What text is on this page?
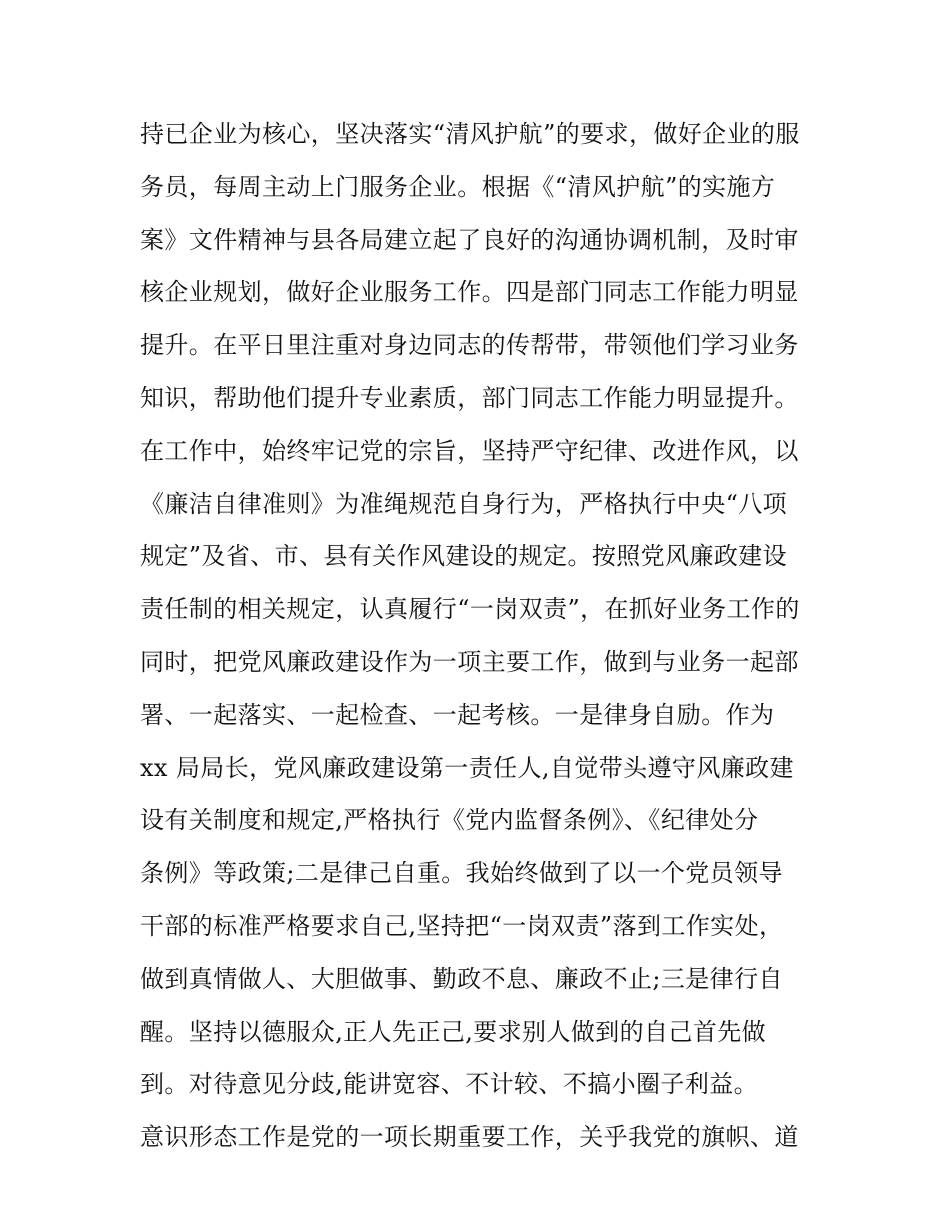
持已企业为核心，坚决落实“清风护航”的要求，做好企业的服
务员，每周主动上门服务企业。根据《“清风护航”的实施方
案》文件精神与县各局建立起了良好的沟通协调机制，及时审
核企业规划，做好企业服务工作。四是部门同志工作能力明显
提升。在平日里注重对身边同志的传帮带，带领他们学习业务
知识，帮助他们提升专业素质，部门同志工作能力明显提升。
在工作中，始终牢记党的宗旨，坚持严守纪律、改进作风，以
《廉洁自律准则》为准绳规范自身行为，严格执行中央“八项
规定”及省、市、县有关作风建设的规定。按照党风廉政建设
责任制的相关规定，认真履行“一岗双责”，在抓好业务工作的
同时，把党风廉政建设作为一项主要工作，做到与业务一起部
署、一起落实、一起检查、一起考核。一是律身自励。作为
xx 局局长，党风廉政建设第一责任人,自觉带头遵守风廉政建
设有关制度和规定,严格执行《党内监督条例》、《纪律处分
条例》等政策;二是律己自重。我始终做到了以一个党员领导
干部的标准严格要求自己,坚持把“一岗双责”落到工作实处，
做到真情做人、大胆做事、勤政不息、廉政不止;三是律行自
醒。坚持以德服众,正人先正己,要求别人做到的自己首先做
到。对待意见分歧,能讲宽容、不计较、不搞小圈子利益。
意识形态工作是党的一项长期重要工作，关乎我党的旗帜、道
